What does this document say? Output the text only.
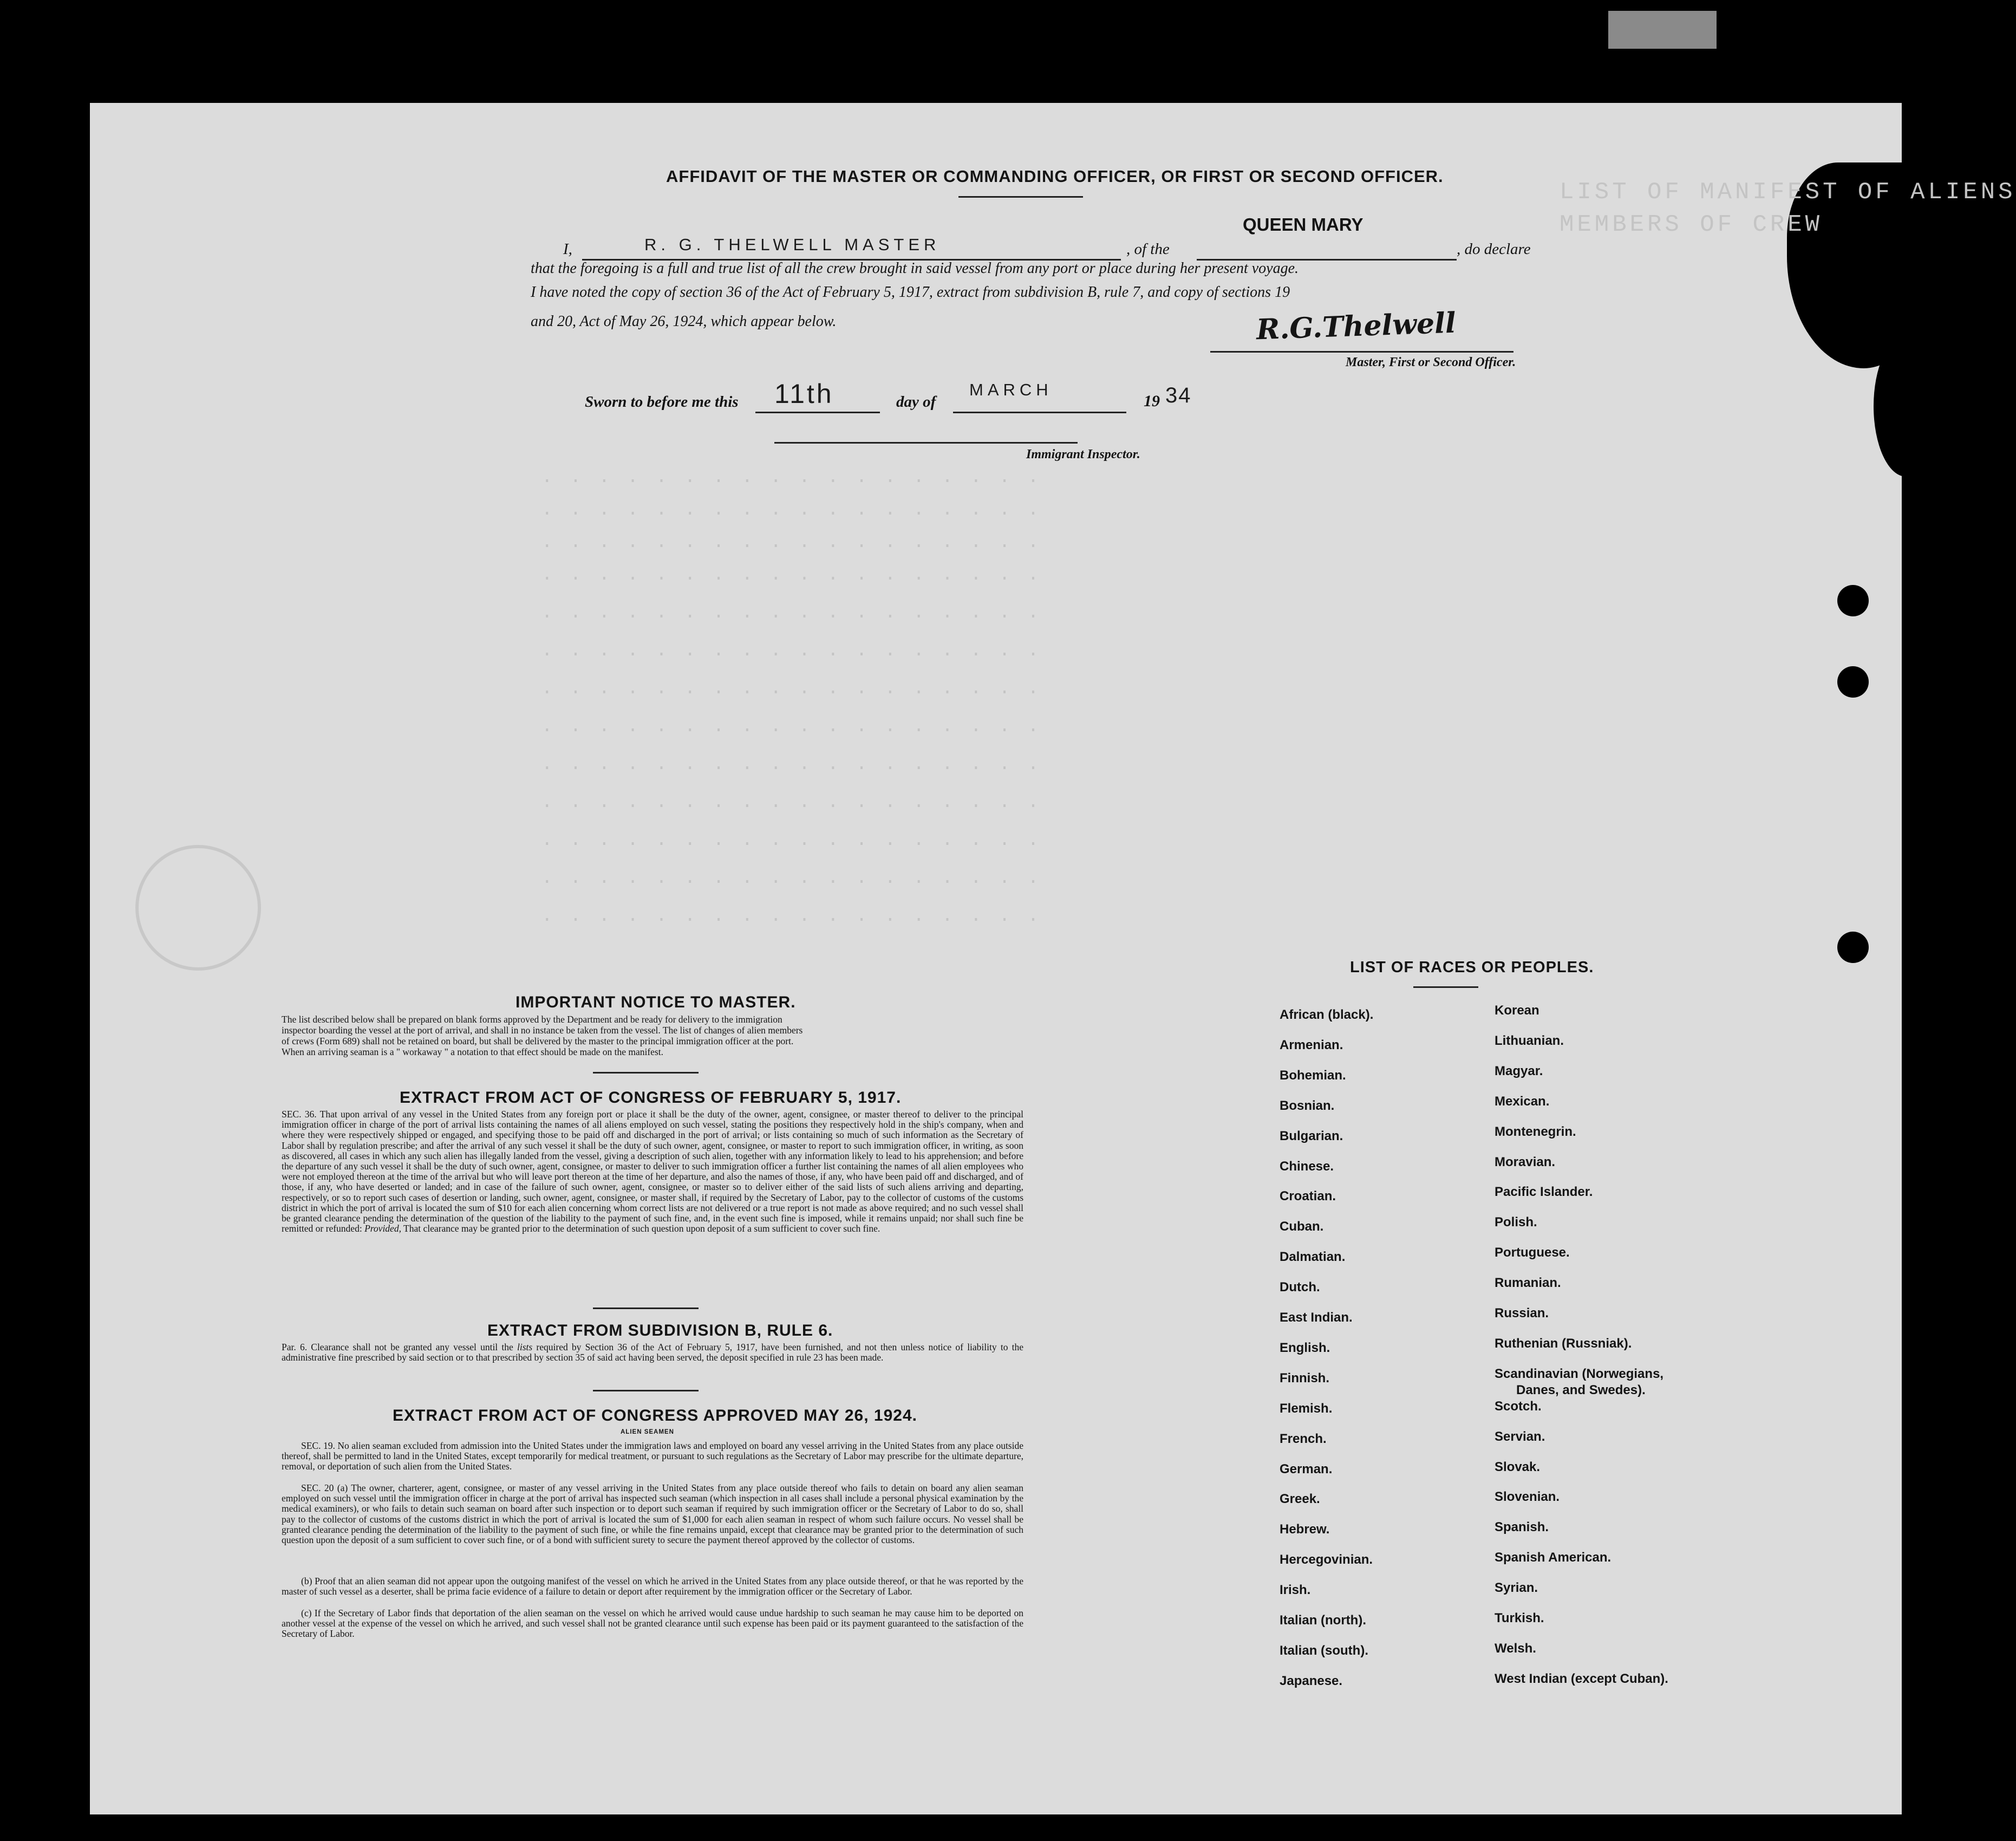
LIST OF MANIFEST OF ALIENS
MEMBERS OF CREW
· · · · · · · · · · · · · · · · · ·
· · · · · · · · · · · · · · · · · ·
· · · · · · · · · · · · · · · · · ·
· · · · · · · · · · · · · · · · · ·
· · · · · · · · · · · · · · · · · ·
· · · · · · · · · · · · · · · · · ·
· · · · · · · · · · · · · · · · · ·
· · · · · · · · · · · · · · · · · ·
· · · · · · · · · · · · · · · · · ·
· · · · · · · · · · · · · · · · · ·
· · · · · · · · · · · · · · · · · ·
· · · · · · · · · · · · · · · · · ·
· · · · · · · · · · · · · · · · · ·
AFFIDAVIT OF THE MASTER OR COMMANDING OFFICER, OR FIRST OR SECOND OFFICER.
I,	R. G. THELWELL MASTER	, of the
QUEEN MARY
, do declare
that the foregoing is a full and true list of all the crew brought in said vessel from any port or place during her present voyage.
I have noted the copy of section 36 of the Act of February 5, 1917, extract from subdivision B, rule 7, and copy of sections 19
and 20, Act of May 26, 1924, which appear below.	R.G.Thelwell
Master, First or Second Officer.
Sworn to before me this 11th	day of
MARCH
19 34
Immigrant Inspector.
IMPORTANT NOTICE TO MASTER.
The list described below shall be prepared on blank forms approved by the Department and be ready for delivery to the immigration
inspector boarding the vessel at the port of arrival, and shall in no instance be taken from the vessel. The list of changes of alien members
of crews (Form 689) shall not be retained on board, but shall be delivered by the master to the principal immigration officer at the port.
When an arriving seaman is a " workaway " a notation to that effect should be made on the manifest.
EXTRACT FROM ACT OF CONGRESS OF FEBRUARY 5, 1917.
SEC. 36. That upon arrival of any vessel in the United States from any foreign port or place it shall be the duty of the owner, agent, consignee, or master thereof to deliver to the principal immigration officer in charge of the port of arrival lists containing the names of all aliens employed on such vessel, stating the positions they respectively hold in the ship's company, when and where they were respectively shipped or engaged, and specifying those to be paid off and discharged in the port of arrival; or lists containing so much of such information as the Secretary of Labor shall by regulation prescribe; and after the arrival of any such vessel it shall be the duty of such owner, agent, consignee, or master to report to such immigration officer, in writing, as soon as discovered, all cases in which any such alien has illegally landed from the vessel, giving a description of such alien, together with any information likely to lead to his apprehension; and before the departure of any such vessel it shall be the duty of such owner, agent, consignee, or master to deliver to such immigration officer a further list containing the names of all alien employees who were not employed thereon at the time of the arrival but who will leave port thereon at the time of her departure, and also the names of those, if any, who have been paid off and discharged, and of those, if any, who have deserted or landed; and in case of the failure of such owner, agent, consignee, or master so to deliver either of the said lists of such aliens arriving and departing, respectively, or so to report such cases of desertion or landing, such owner, agent, consignee, or master shall, if required by the Secretary of Labor, pay to the collector of customs of the customs district in which the port of arrival is located the sum of $10 for each alien concerning whom correct lists are not delivered or a true report is not made as above required; and no such vessel shall be granted clearance pending the determination of the question of the liability to the payment of such fine, and, in the event such fine is imposed, while it remains unpaid; nor shall such fine be remitted or refunded: Provided, That clearance may be granted prior to the determination of such question upon deposit of a sum sufficient to cover such fine.
EXTRACT FROM SUBDIVISION B, RULE 6.
Par. 6. Clearance shall not be granted any vessel until the lists required by Section 36 of the Act of February 5, 1917, have been furnished, and not then unless notice of liability to the administrative fine prescribed by said section or to that prescribed by section 35 of said act having been served, the deposit specified in rule 23 has been made.
EXTRACT FROM ACT OF CONGRESS APPROVED MAY 26, 1924.
ALIEN SEAMEN
SEC. 19. No alien seaman excluded from admission into the United States under the immigration laws and employed on board any vessel arriving in the United States from any place outside thereof, shall be permitted to land in the United States, except temporarily for medical treatment, or pursuant to such regulations as the Secretary of Labor may prescribe for the ultimate departure, removal, or deportation of such alien from the United States.
SEC. 20 (a) The owner, charterer, agent, consignee, or master of any vessel arriving in the United States from any place outside thereof who fails to detain on board any alien seaman employed on such vessel until the immigration officer in charge at the port of arrival has inspected such seaman (which inspection in all cases shall include a personal physical examination by the medical examiners), or who fails to detain such seaman on board after such inspection or to deport such seaman if required by such immigration officer or the Secretary of Labor to do so, shall pay to the collector of customs of the customs district in which the port of arrival is located the sum of $1,000 for each alien seaman in respect of whom such failure occurs. No vessel shall be granted clearance pending the determination of the liability to the payment of such fine, or while the fine remains unpaid, except that clearance may be granted prior to the determination of such question upon the deposit of a sum sufficient to cover such fine, or of a bond with sufficient surety to secure the payment thereof approved by the collector of customs.
(b) Proof that an alien seaman did not appear upon the outgoing manifest of the vessel on which he arrived in the United States from any place outside thereof, or that he was reported by the master of such vessel as a deserter, shall be prima facie evidence of a failure to detain or deport after requirement by the immigration officer or the Secretary of Labor.
(c) If the Secretary of Labor finds that deportation of the alien seaman on the vessel on which he arrived would cause undue hardship to such seaman he may cause him to be deported on another vessel at the expense of the vessel on which he arrived, and such vessel shall not be granted clearance until such expense has been paid or its payment guaranteed to the satisfaction of the Secretary of Labor.
LIST OF RACES OR PEOPLES.
African (black).
Armenian.
Bohemian.
Bosnian.
Bulgarian.
Chinese.
Croatian.
Cuban.
Dalmatian.
Dutch.
East Indian.
English.
Finnish.
Flemish.
French.
German.
Greek.
Hebrew.
Hercegovinian.
Irish.
Italian (north).
Italian (south).
Japanese.
Korean
Lithuanian.
Magyar.
Mexican.
Montenegrin.
Moravian.
Pacific Islander.
Polish.
Portuguese.
Rumanian.
Russian.
Ruthenian (Russniak).
Scandinavian (Norwegians,
Scotch.
Servian.
Slovak.
Slovenian.
Spanish.
Spanish American.
Syrian.
Turkish.
Welsh.
West Indian (except Cuban).
Danes, and Swedes).
